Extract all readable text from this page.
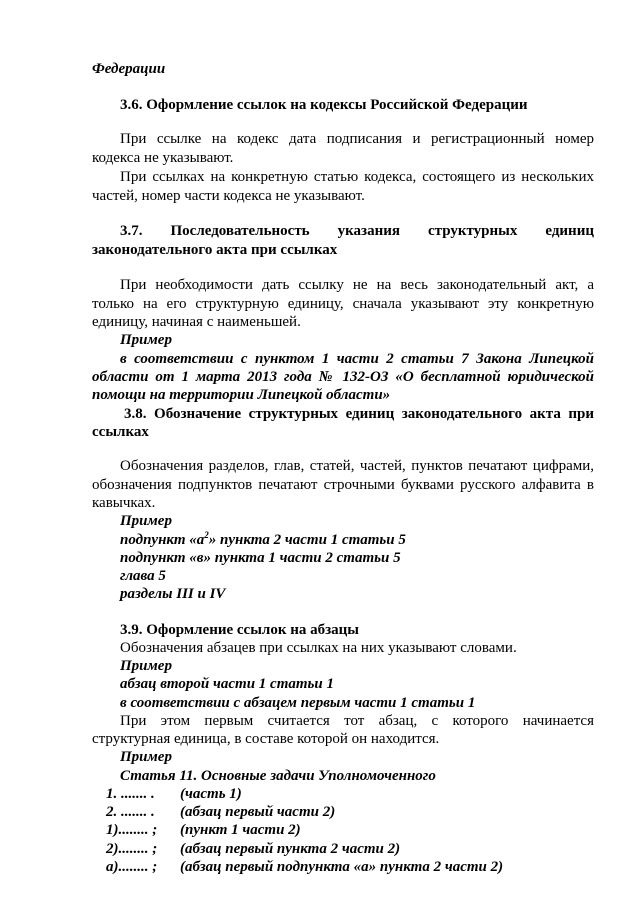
Федерации
3.6. Оформление ссылок на кодексы Российской Федерации
При ссылке на кодекс дата подписания и регистрационный номер
кодекса не указывают.
При ссылках на конкретную статью кодекса, состоящего из нескольких
частей, номер части кодекса не указывают.
3.7. Последовательность указания структурных единиц
законодательного акта при ссылках
При необходимости дать ссылку не на весь законодательный акт, а
только на его структурную единицу, сначала указывают эту конкретную
единицу, начиная с наименьшей.
Пример
в соответствии с пунктом 1 части 2 статьи 7 Закона Липецкой
области от 1 марта 2013 года № 132-ОЗ «О бесплатной юридической
помощи на территории Липецкой области»
3.8. Обозначение структурных единиц законодательного акта при
ссылках
Обозначения разделов, глав, статей, частей, пунктов печатают цифрами,
обозначения подпунктов печатают строчными буквами русского алфавита в
кавычках.
Пример
подпункт «$а^2$» пункта 2 части 1 статьи 5
подпункт «в» пункта 1 части 2 статьи 5
глава 5
разделы III и IV
3.9. Оформление ссылок на абзацы
Обозначения абзацев при ссылках на них указывают словами.
Пример
абзац второй части 1 статьи 1
в соответствии с абзацем первым части 1 статьи 1
При этом первым считается тот абзац, с которого начинается
структурная единица, в составе которой он находится.
Пример
Статья 11. Основные задачи Уполномоченного
1. ....... . (часть 1)
2. ....... . (абзац первый части 2)
1)........ ; (пункт 1 части 2)
2)........ ; (абзац первый пункта 2 части 2)
а)........ ; (абзац первый подпункта «а» пункта 2 части 2)
